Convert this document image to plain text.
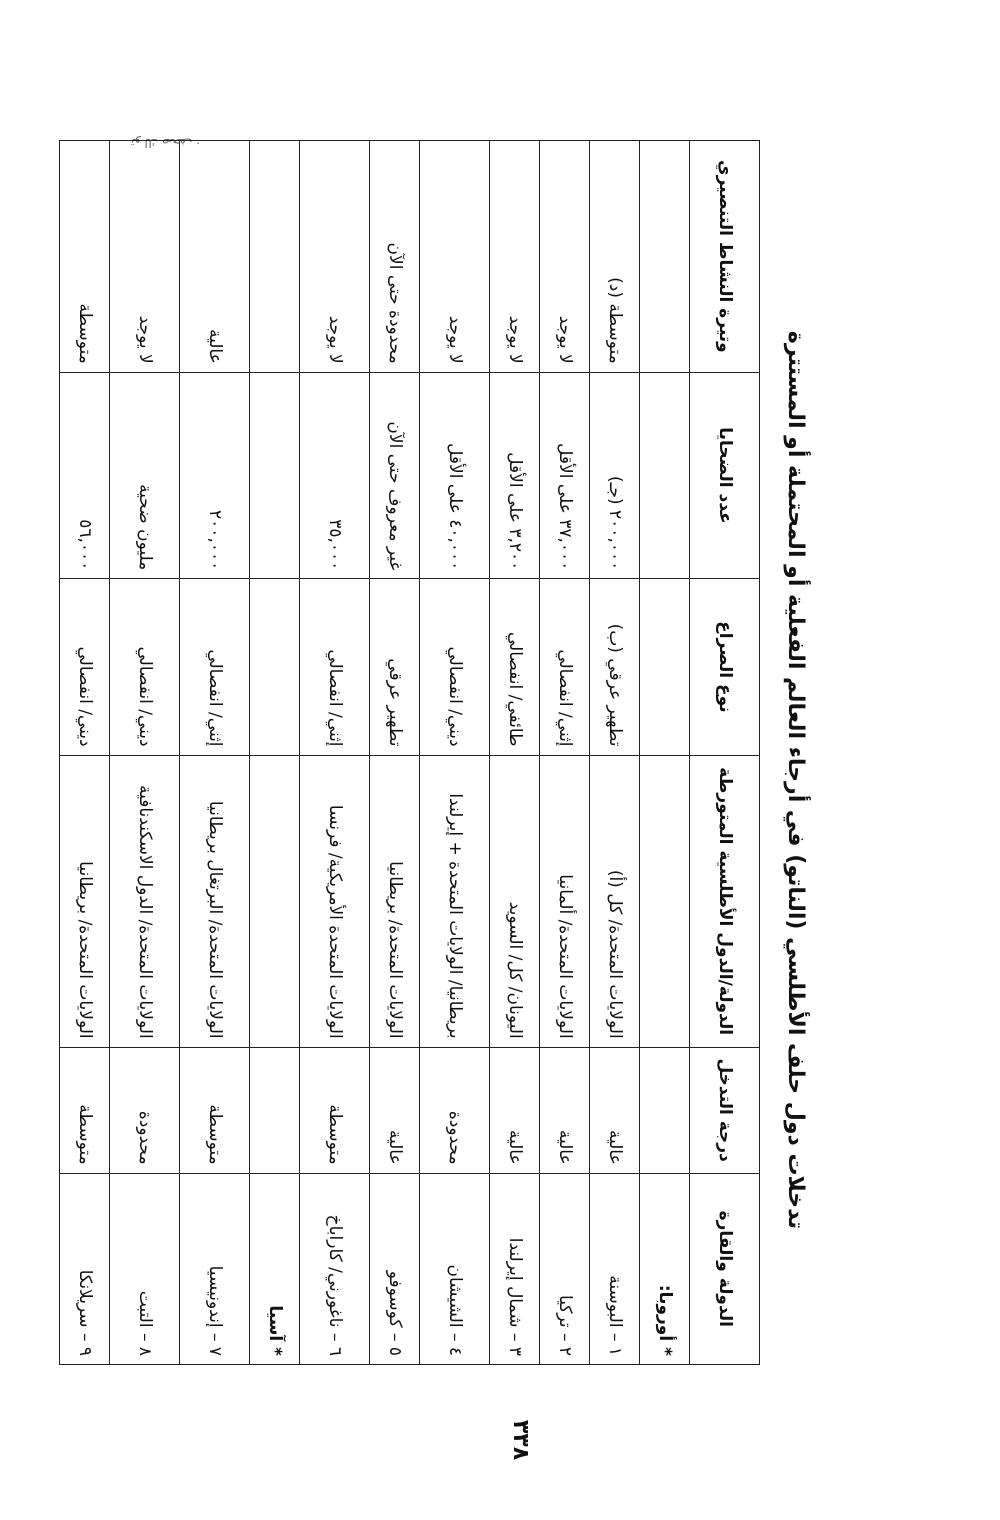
· تو لك صحف
تدخلات دول حلف الأطلسي (الناتو) في أرجاء العالم الفعلية أو المحتملة أو المستترة
الدولة والقارة	درجة التدخل	الدولة/الدول الأطلسية المتورطة	نوع الصراع	عدد الضحايا	وتيرة النشاط التنصيري
* أوروبا:					
١ – البوسنة	عالية	الولايات المتحدة/ كل (أ)	تطهير عرقي (ب)	٢٠٠,٠٠٠ (جـ)	متوسطة (د)
٢ – تركيا	عالية	الولايات المتحدة/ ألمانيا	إثني/ انفصالي	٣٧,٠٠٠ على الأقل	لا يوجد
٣ – شمال إيرلندا	عالية	اليونان/ كل/ السويد	طائفي/ انفصالي	٣,٢٠٠ على الأقل	لا يوجد
٤ – الشيشان	محدودة	بريطانيا/ الولايات المتحدة + إيرلندا	ديني/ انفصالي	٤٠,٠٠٠ على الأقل	لا يوجد
٥ – كوسوفو	عالية	الولايات المتحدة/ بريطانيا	تطهير عرقي	غير معروف حتى الآن	محدودة حتى الآن
٦ – ناغورني/ كاراباخ	متوسطة	الولايات المتحدة الأمريكية/ فرنسا	إثني/ انفصالي	٣٥,٠٠٠	لا يوجد
* آسيا					
٧ – إندونيسيا	متوسطة	الولايات المتحدة/ البرتغال بريطانيا	إثني/ انفصالي	٢٠٠,٠٠٠	عالية
٨ – التبت	محدودة	الولايات المتحدة/ الدول الاسكندنافية	ديني/ انفصالي	مليون ضحية	لا يوجد
٩ – سريلانكا	متوسطة	الولايات المتحدة/ بريطانيا	ديني/ انفصالي	٥٦,٠٠٠	متوسطة
٣٣٨
